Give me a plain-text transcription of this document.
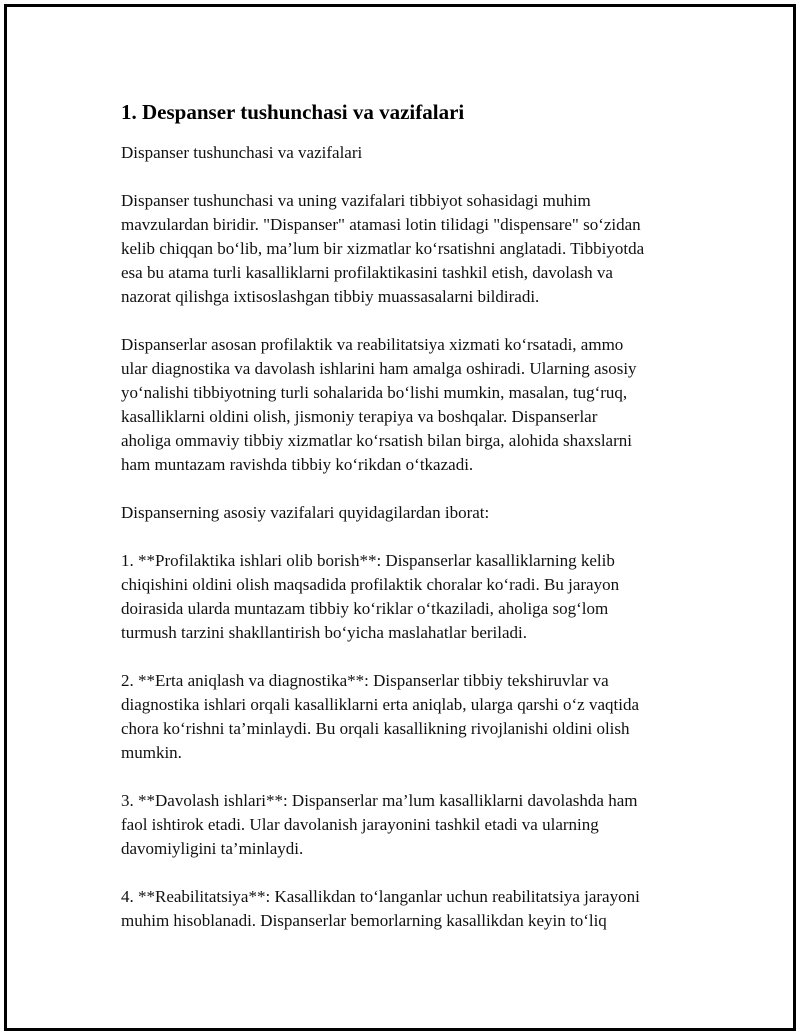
1. Despanser tushunchasi va vazifalari

Dispanser tushunchasi va vazifalari

Dispanser tushunchasi va uning vazifalari tibbiyot sohasidagi muhim
mavzulardan biridir. "Dispanser" atamasi lotin tilidagi "dispensare" so‘zidan
kelib chiqqan bo‘lib, ma’lum bir xizmatlar ko‘rsatishni anglatadi. Tibbiyotda
esa bu atama turli kasalliklarni profilaktikasini tashkil etish, davolash va
nazorat qilishga ixtisoslashgan tibbiy muassasalarni bildiradi.

Dispanserlar asosan profilaktik va reabilitatsiya xizmati ko‘rsatadi, ammo
ular diagnostika va davolash ishlarini ham amalga oshiradi. Ularning asosiy
yo‘nalishi tibbiyotning turli sohalarida bo‘lishi mumkin, masalan, tug‘ruq,
kasalliklarni oldini olish, jismoniy terapiya va boshqalar. Dispanserlar
aholiga ommaviy tibbiy xizmatlar ko‘rsatish bilan birga, alohida shaxslarni
ham muntazam ravishda tibbiy ko‘rikdan o‘tkazadi.

Dispanserning asosiy vazifalari quyidagilardan iborat:

1. **Profilaktika ishlari olib borish**: Dispanserlar kasalliklarning kelib
chiqishini oldini olish maqsadida profilaktik choralar ko‘radi. Bu jarayon
doirasida ularda muntazam tibbiy ko‘riklar o‘tkaziladi, aholiga sog‘lom
turmush tarzini shakllantirish bo‘yicha maslahatlar beriladi.

2. **Erta aniqlash va diagnostika**: Dispanserlar tibbiy tekshiruvlar va
diagnostika ishlari orqali kasalliklarni erta aniqlab, ularga qarshi o‘z vaqtida
chora ko‘rishni ta’minlaydi. Bu orqali kasallikning rivojlanishi oldini olish
mumkin.

3. **Davolash ishlari**: Dispanserlar ma’lum kasalliklarni davolashda ham
faol ishtirok etadi. Ular davolanish jarayonini tashkil etadi va ularning
davomiyligini ta’minlaydi.

4. **Reabilitatsiya**: Kasallikdan to‘langanlar uchun reabilitatsiya jarayoni
muhim hisoblanadi. Dispanserlar bemorlarning kasallikdan keyin to‘liq
